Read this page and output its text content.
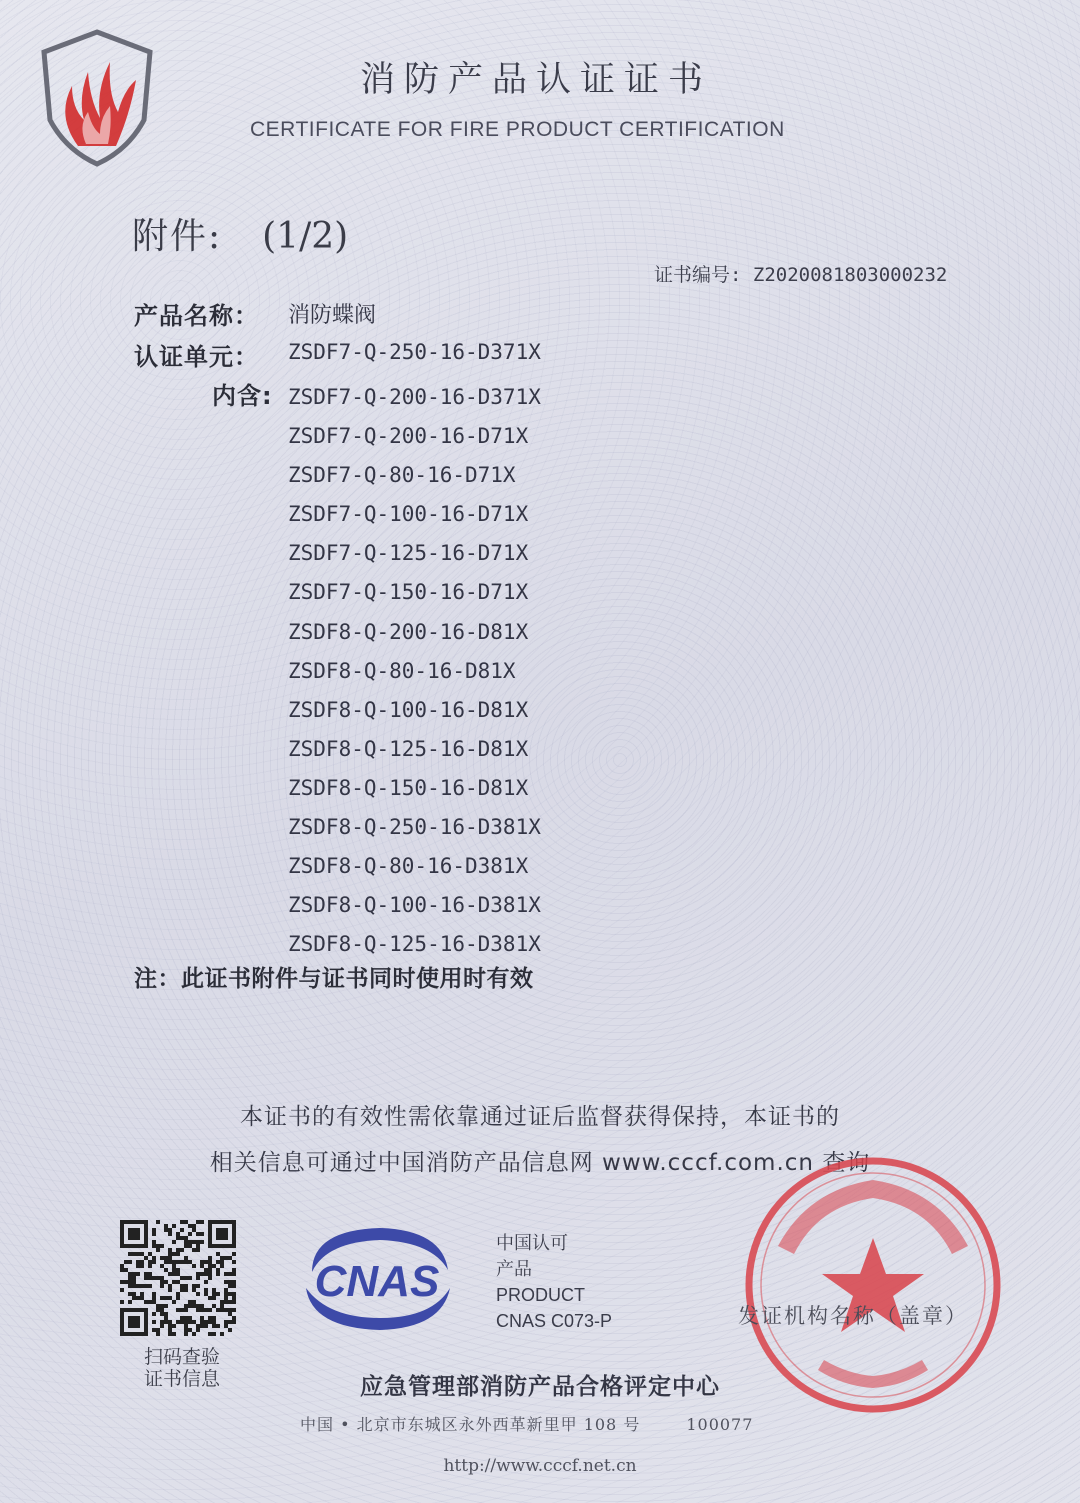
消防产品认证证书
CERTIFICATE FOR FIRE PRODUCT CERTIFICATION
附件: (1/2)
证书编号: Z2020081803000232
产品名称： 消防蝶阀
认证单元： ZSDF7-Q-250-16-D371X
内含: ZSDF7-Q-200-16-D371X
ZSDF7-Q-200-16-D71X
ZSDF7-Q-80-16-D71X
ZSDF7-Q-100-16-D71X
ZSDF7-Q-125-16-D71X
ZSDF7-Q-150-16-D71X
ZSDF8-Q-200-16-D81X
ZSDF8-Q-80-16-D81X
ZSDF8-Q-100-16-D81X
ZSDF8-Q-125-16-D81X
ZSDF8-Q-150-16-D81X
ZSDF8-Q-250-16-D381X
ZSDF8-Q-80-16-D381X
ZSDF8-Q-100-16-D381X
ZSDF8-Q-125-16-D381X
注：此证书附件与证书同时使用时有效
本证书的有效性需依靠通过证后监督获得保持，本证书的
相关信息可通过中国消防产品信息网 www.cccf.com.cn 查询
扫码查验
证书信息
CNAS
中国认可
产品
PRODUCT
CNAS C073-P	发证机构名称（盖章）
应急管理部消防产品合格评定中心
中国 • 北京市东城区永外西革新里甲 108 号	100077
http://www.cccf.net.cn
